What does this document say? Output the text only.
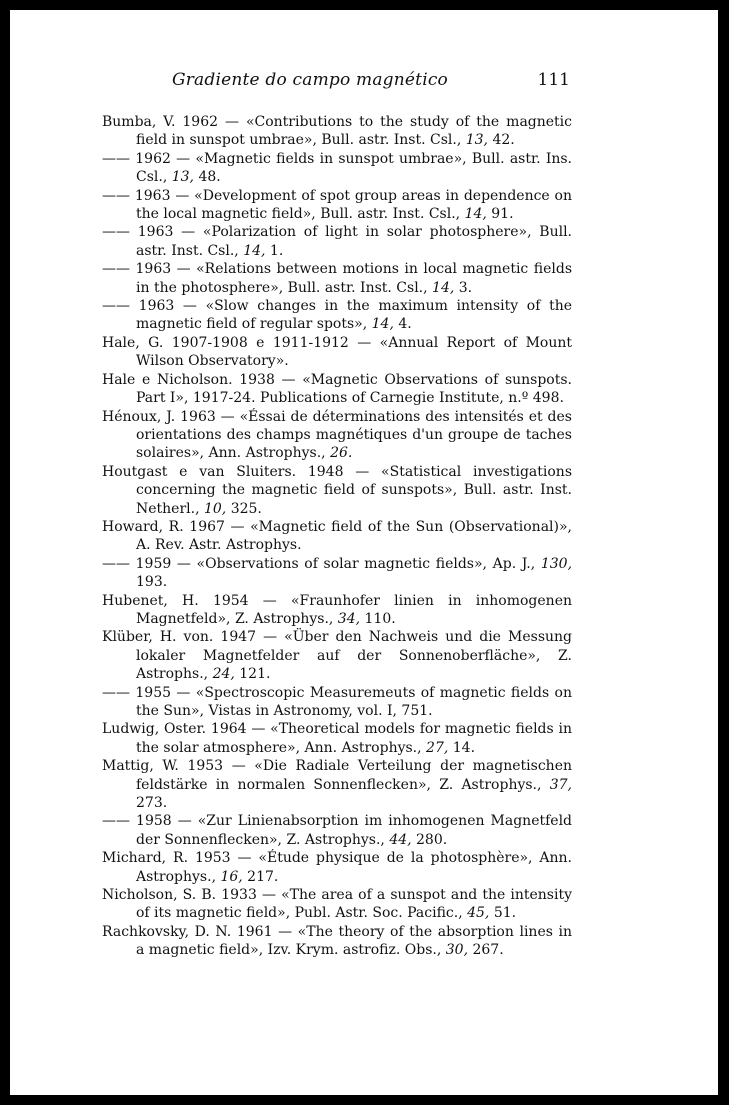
Gradiente do campo magnético	111

Bumba, V. 1962 — «Contributions to the study of the magnetic field in sunspot umbrae», Bull. astr. Inst. Csl., 13, 42.

—— 1962 — «Magnetic fields in sunspot umbrae», Bull. astr. Ins. Csl., 13, 48.

—— 1963 — «Development of spot group areas in dependence on the local magnetic field», Bull. astr. Inst. Csl., 14, 91.

—— 1963 — «Polarization of light in solar photosphere», Bull. astr. Inst. Csl., 14, 1.

—— 1963 — «Relations between motions in local magnetic fields in the photosphere», Bull. astr. Inst. Csl., 14, 3.

—— 1963 — «Slow changes in the maximum intensity of the magnetic field of regular spots», 14, 4.

Hale, G. 1907-1908 e 1911-1912 — «Annual Report of Mount Wilson Observatory».

Hale e Nicholson. 1938 — «Magnetic Observations of sunspots. Part I», 1917-24. Publications of Carnegie Institute, n.º 498.

Hénoux, J. 1963 — «Éssai de déterminations des intensités et des orientations des champs magnétiques d'un groupe de taches solaires», Ann. Astrophys., 26.

Houtgast e van Sluiters. 1948 — «Statistical investigations concerning the magnetic field of sunspots», Bull. astr. Inst. Netherl., 10, 325.

Howard, R. 1967 — «Magnetic field of the Sun (Observational)», A. Rev. Astr. Astrophys.

—— 1959 — «Observations of solar magnetic fields», Ap. J., 130, 193.

Hubenet, H. 1954 — «Fraunhofer linien in inhomogenen Magnetfeld», Z. Astrophys., 34, 110.

Klüber, H. von. 1947 — «Über den Nachweis und die Messung lokaler Magnetfelder auf der Sonnenoberfläche», Z. Astrophs., 24, 121.

—— 1955 — «Spectroscopic Measuremeuts of magnetic fields on the Sun», Vistas in Astronomy, vol. I, 751.

Ludwig, Oster. 1964 — «Theoretical models for magnetic fields in the solar atmosphere», Ann. Astrophys., 27, 14.

Mattig, W. 1953 — «Die Radiale Verteilung der magnetischen feldstärke in normalen Sonnenflecken», Z. Astrophys., 37, 273.

—— 1958 — «Zur Linienabsorption im inhomogenen Magnetfeld der Sonnenflecken», Z. Astrophys., 44, 280.

Michard, R. 1953 — «Étude physique de la photosphère», Ann. Astrophys., 16, 217.

Nicholson, S. B. 1933 — «The area of a sunspot and the intensity of its magnetic field», Publ. Astr. Soc. Pacific., 45, 51.

Rachkovsky, D. N. 1961 — «The theory of the absorption lines in a magnetic field», Izv. Krym. astrofiz. Obs., 30, 267.
